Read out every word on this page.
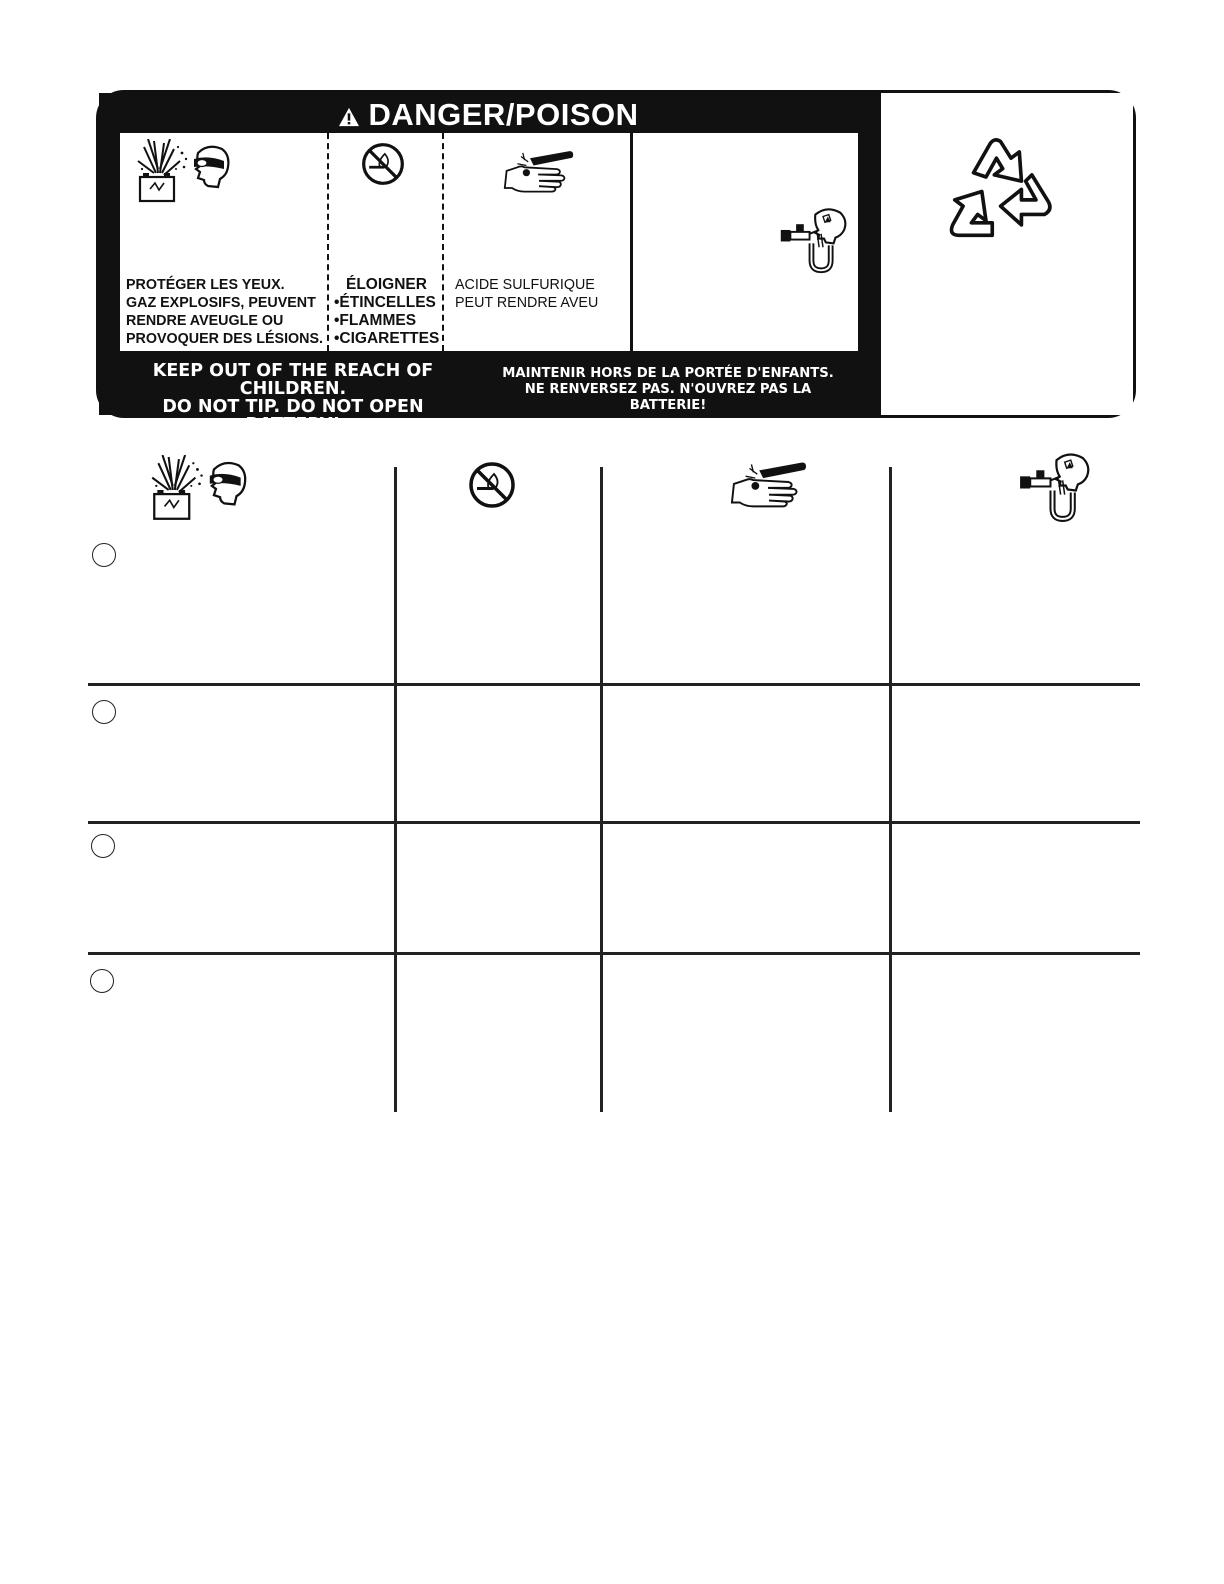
DANGER/POISON
PROTÉGER LES YEUX.
GAZ EXPLOSIFS, PEUVENT
RENDRE AVEUGLE OU
PROVOQUER DES LÉSIONS.
ÉLOIGNER
•ÉTINCELLES
•FLAMMES
•CIGARETTES
ACIDE SULFURIQUE
PEUT RENDRE AVEU
KEEP OUT OF THE REACH OF CHILDREN.
DO NOT TIP. DO NOT OPEN BATTERY!
MAINTENIR HORS DE LA PORTÉE D'ENFANTS.
NE RENVERSEZ PAS. N'OUVREZ PAS LA BATTERIE!
